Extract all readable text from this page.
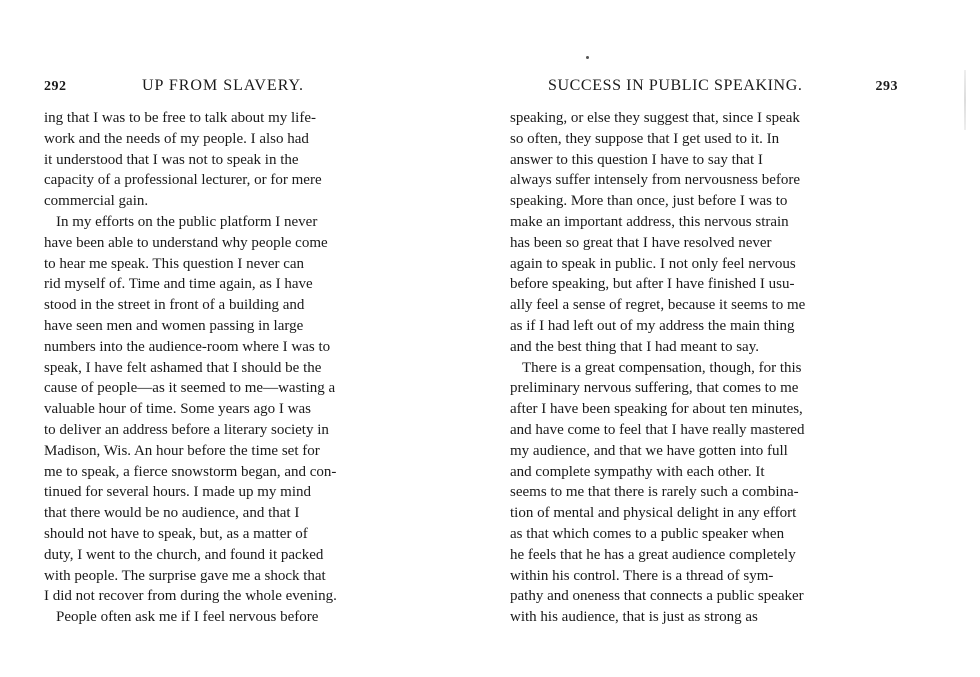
292	UP FROM SLAVERY.
ing that I was to be free to talk about my life-
work and the needs of my people. I also had
it understood that I was not to speak in the
capacity of a professional lecturer, or for mere
commercial gain.
In my efforts on the public platform I never
have been able to understand why people come
to hear me speak. This question I never can
rid myself of. Time and time again, as I have
stood in the street in front of a building and
have seen men and women passing in large
numbers into the audience-room where I was to
speak, I have felt ashamed that I should be the
cause of people—as it seemed to me—wasting a
valuable hour of time. Some years ago I was
to deliver an address before a literary society in
Madison, Wis. An hour before the time set for
me to speak, a fierce snowstorm began, and con-
tinued for several hours. I made up my mind
that there would be no audience, and that I
should not have to speak, but, as a matter of
duty, I went to the church, and found it packed
with people. The surprise gave me a shock that
I did not recover from during the whole evening.
People often ask me if I feel nervous before
SUCCESS IN PUBLIC SPEAKING.	293
speaking, or else they suggest that, since I speak
so often, they suppose that I get used to it. In
answer to this question I have to say that I
always suffer intensely from nervousness before
speaking. More than once, just before I was to
make an important address, this nervous strain
has been so great that I have resolved never
again to speak in public. I not only feel nervous
before speaking, but after I have finished I usu-
ally feel a sense of regret, because it seems to me
as if I had left out of my address the main thing
and the best thing that I had meant to say.
There is a great compensation, though, for this
preliminary nervous suffering, that comes to me
after I have been speaking for about ten minutes,
and have come to feel that I have really mastered
my audience, and that we have gotten into full
and complete sympathy with each other. It
seems to me that there is rarely such a combina-
tion of mental and physical delight in any effort
as that which comes to a public speaker when
he feels that he has a great audience completely
within his control. There is a thread of sym-
pathy and oneness that connects a public speaker
with his audience, that is just as strong as
